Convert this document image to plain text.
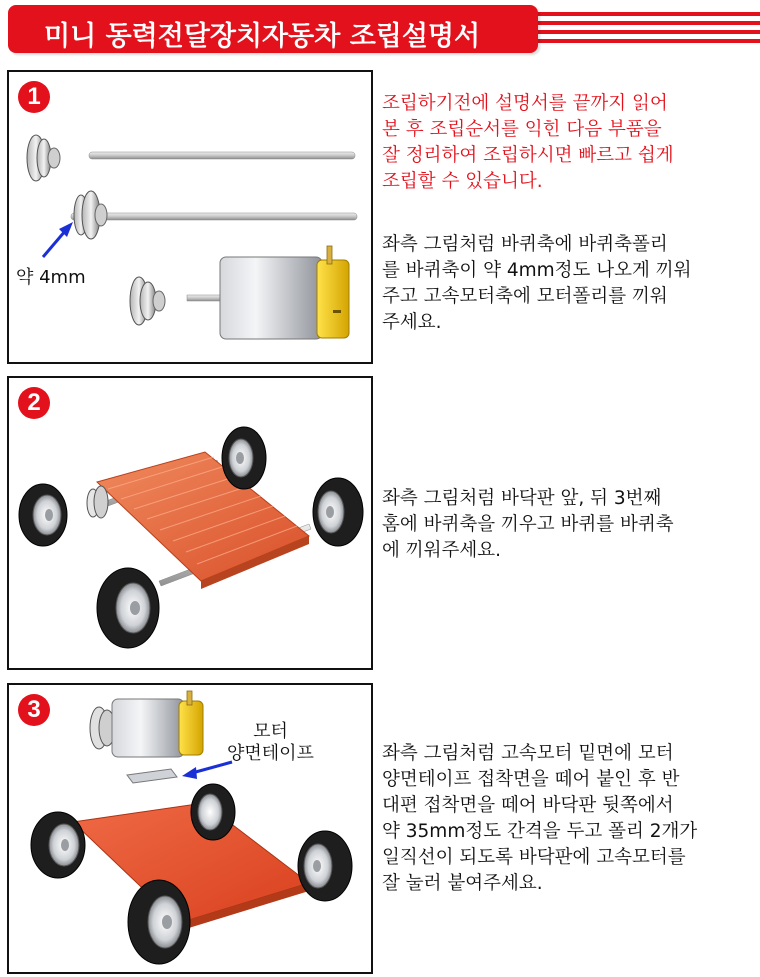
미니 동력전달장치자동차 조립설명서
1
약 4mm

조립하기전에 설명서를 끝까지 읽어

본 후 조립순서를 익힌 다음 부품을

잘 정리하여 조립하시면 빠르고 쉽게

조립할 수 있습니다.

좌측 그림처럼 바퀴축에 바퀴축폴리

를 바퀴축이 약 4mm정도 나오게 끼워

주고 고속모터축에 모터폴리를 끼워

주세요.

2

좌측 그림처럼 바닥판 앞, 뒤 3번째

홈에 바퀴축을 끼우고 바퀴를 바퀴축

에 끼워주세요.

3
모터
양면테이프	좌측 그림처럼 고속모터 밑면에 모터

양면테이프 접착면을 떼어 붙인 후 반

대편 접착면을 떼어 바닥판 뒷쪽에서

약 35mm정도 간격을 두고 폴리 2개가

일직선이 되도록 바닥판에 고속모터를

잘 눌러 붙여주세요.
